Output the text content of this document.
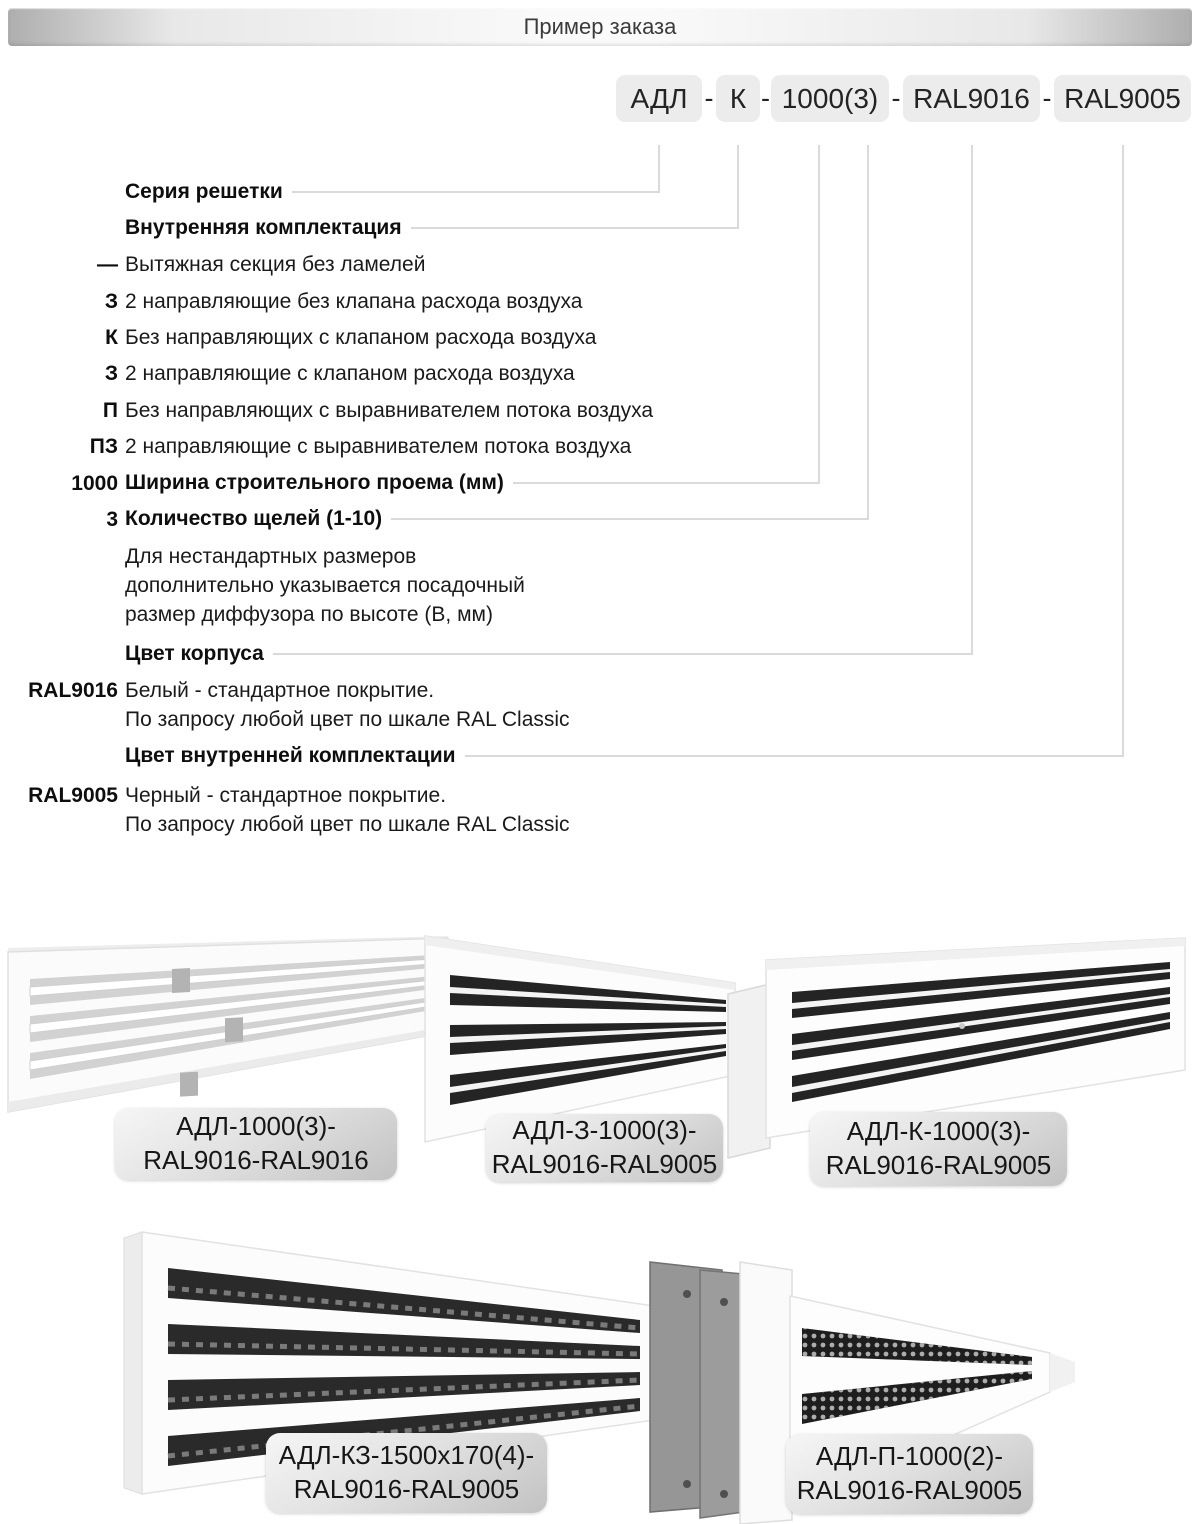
Пример заказа
АДЛ - К - 1000(3) - RAL9016 - RAL9005
Серия решетки
Внутренняя комплектация
— Вытяжная секция без ламелей
З 2 направляющие без клапана расхода воздуха
К Без направляющих с клапаном расхода воздуха
З 2 направляющие с клапаном расхода воздуха
П Без направляющих с выравнивателем потока воздуха
ПЗ 2 направляющие с выравнивателем потока воздуха
1000 Ширина строительного проема (мм)
3 Количество щелей (1-10)
Для нестандартных размеров
дополнительно указывается посадочный
размер диффузора по высоте (В, мм)
Цвет корпуса
RAL9016 Белый - стандартное покрытие.
По запросу любой цвет по шкале RAL Classic
Цвет внутренней комплектации
RAL9005 Черный - стандартное покрытие.
По запросу любой цвет по шкале RAL Classic
АДЛ-1000(3)-
RAL9016-RAL9016
АДЛ-З-1000(3)-
RAL9016-RAL9005
АДЛ-К-1000(3)-
RAL9016-RAL9005
АДЛ-КЗ-1500х170(4)-
RAL9016-RAL9005
АДЛ-П-1000(2)-
RAL9016-RAL9005
